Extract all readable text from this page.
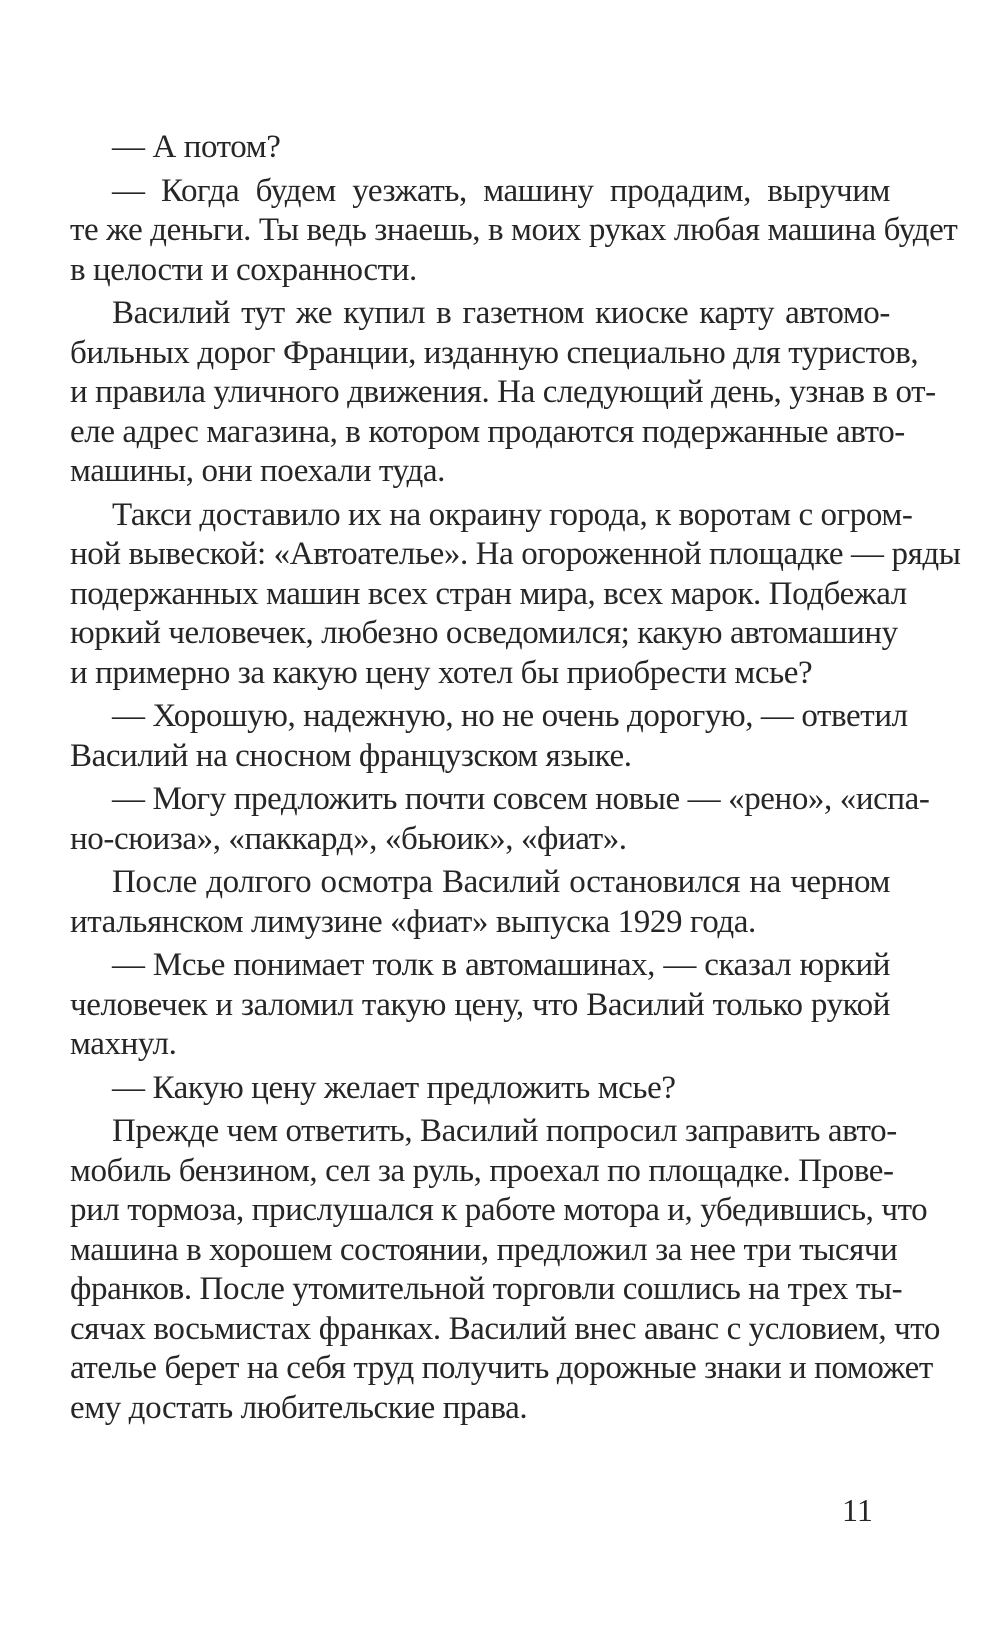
— А потом?
— Когда будем уезжать, машину продадим, выручим
те же деньги. Ты ведь знаешь, в моих руках любая машина будет
в целости и сохранности.
Василий тут же купил в газетном киоске карту автомо-
бильных дорог Франции, изданную специально для туристов,
и правила уличного движения. На следующий день, узнав в от-
еле адрес магазина, в котором продаются подержанные авто-
машины, они поехали туда.
Такси доставило их на окраину города, к воротам с огром-
ной вывеской: «Автоателье». На огороженной площадке — ряды
подержанных машин всех стран мира, всех марок. Подбежал
юркий человечек, любезно осведомился; какую автомашину
и примерно за какую цену хотел бы приобрести мсье?
— Хорошую, надежную, но не очень дорогую, — ответил
Василий на сносном французском языке.
— Могу предложить почти совсем новые — «рено», «испа-
но-сюиза», «паккард», «бьюик», «фиат».
После долгого осмотра Василий остановился на черном
итальянском лимузине «фиат» выпуска 1929 года.
— Мсье понимает толк в автомашинах, — сказал юркий
человечек и заломил такую цену, что Василий только рукой
махнул.
— Какую цену желает предложить мсье?
Прежде чем ответить, Василий попросил заправить авто-
мобиль бензином, сел за руль, проехал по площадке. Прове-
рил тормоза, прислушался к работе мотора и, убедившись, что
машина в хорошем состоянии, предложил за нее три тысячи
франков. После утомительной торговли сошлись на трех ты-
сячах восьмистах франках. Василий внес аванс с условием, что
ателье берет на себя труд получить дорожные знаки и поможет
ему достать любительские права.
11
